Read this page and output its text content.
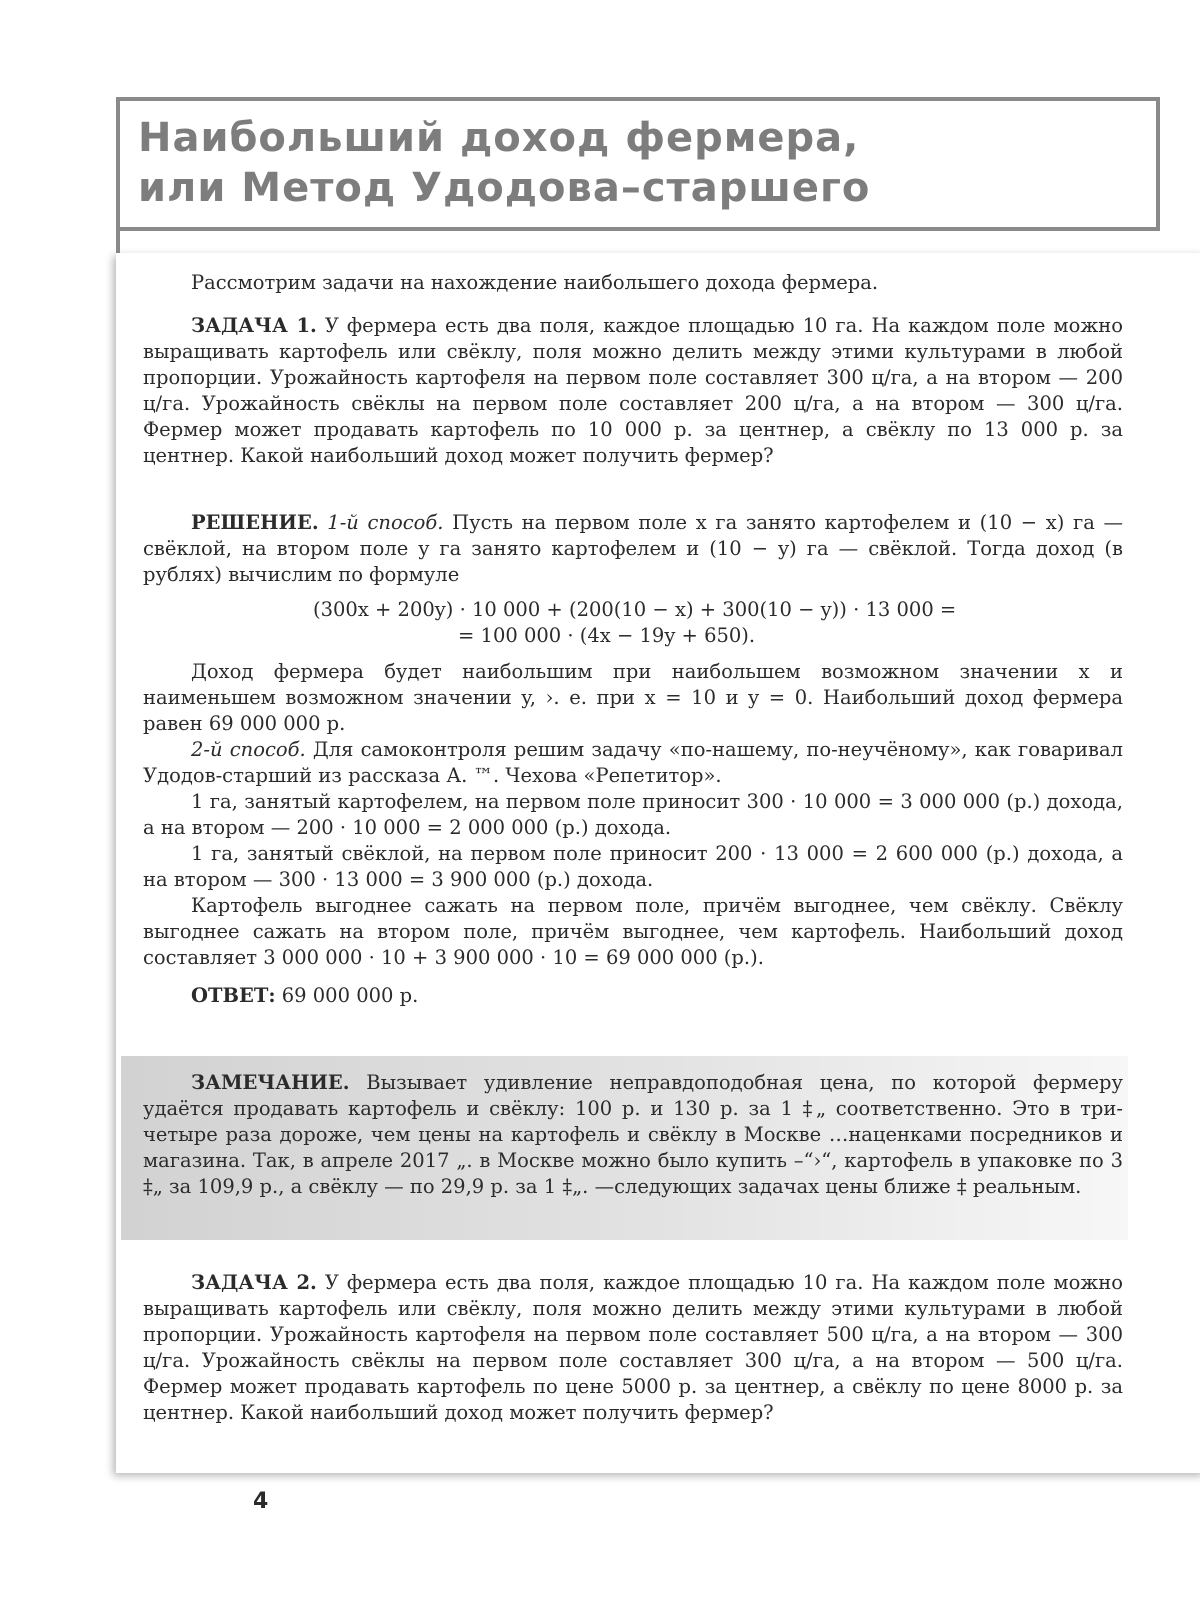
Наибольший доход фермера,
или Метод Удодова–старшего
Рассмотрим задачи на нахождение наибольшего дохода фермера.
ЗАДАЧА 1. У фермера есть два поля, каждое площадью 10 га. На каждом поле можно выращивать картофель или свёклу, поля можно делить между этими культурами в любой пропорции. Урожайность картофеля на первом поле составляет 300 ц/га, а на втором — 200 ц/га. Урожайность свёклы на первом поле составляет 200 ц/га, а на втором — 300 ц/га. Фермер может продавать картофель по 10 000 р. за центнер, а свёклу по 13 000 р. за центнер. Какой наибольший доход может получить фермер?
РЕШЕНИЕ. 1-й способ. Пусть на первом поле x га занято картофелем и (10 − x) га — свёклой, на втором поле y га занято картофелем и (10 − y) га — свёклой. Тогда доход (в рублях) вычислим по формуле
(300x + 200y) · 10 000 + (200(10 − x) + 300(10 − y)) · 13 000 =
= 100 000 · (4x − 19y + 650).
Доход фермера будет наибольшим при наибольшем возможном значении x и наименьшем возможном значении y, ›. е. при x = 10 и y = 0. Наибольший доход фермера равен 69 000 000 р.
2-й способ. Для самоконтроля решим задачу «по-нашему, по-неучёному», как говаривал Удодов-старший из рассказа А. ™. Чехова «Репетитор».
1 га, занятый картофелем, на первом поле приносит 300 · 10 000 = 3 000 000 (р.) дохода, а на втором — 200 · 10 000 = 2 000 000 (р.) дохода.
1 га, занятый свёклой, на первом поле приносит 200 · 13 000 = 2 600 000 (р.) дохода, а на втором — 300 · 13 000 = 3 900 000 (р.) дохода.
Картофель выгоднее сажать на первом поле, причём выгоднее, чем свёклу. Свёклу выгоднее сажать на втором поле, причём выгоднее, чем картофель. Наибольший доход составляет 3 000 000 · 10 + 3 900 000 · 10 = 69 000 000 (р.).
ОТВЕТ: 69 000 000 р.
ЗАМЕЧАНИЕ. Вызывает удивление неправдоподобная цена, по которой фермеру удаётся продавать картофель и свёклу: 100 р. и 130 р. за 1 ‡„ соответственно. Это в три-четыре раза дороже, чем цены на картофель и свёклу в Москве …наценками посредников и магазина. Так, в апреле 2017 „. в Москве можно было купить –“›“, картофель в упаковке по 3 ‡„ за 109,9 р., а свёклу — по 29,9 р. за 1 ‡„. —следующих задачах цены ближе ‡ реальным.
ЗАДАЧА 2. У фермера есть два поля, каждое площадью 10 га. На каждом поле можно выращивать картофель или свёклу, поля можно делить между этими культурами в любой пропорции. Урожайность картофеля на первом поле составляет 500 ц/га, а на втором — 300 ц/га. Урожайность свёклы на первом поле составляет 300 ц/га, а на втором — 500 ц/га. Фермер может продавать картофель по цене 5000 р. за центнер, а свёклу по цене 8000 р. за центнер. Какой наибольший доход может получить фермер?
4
